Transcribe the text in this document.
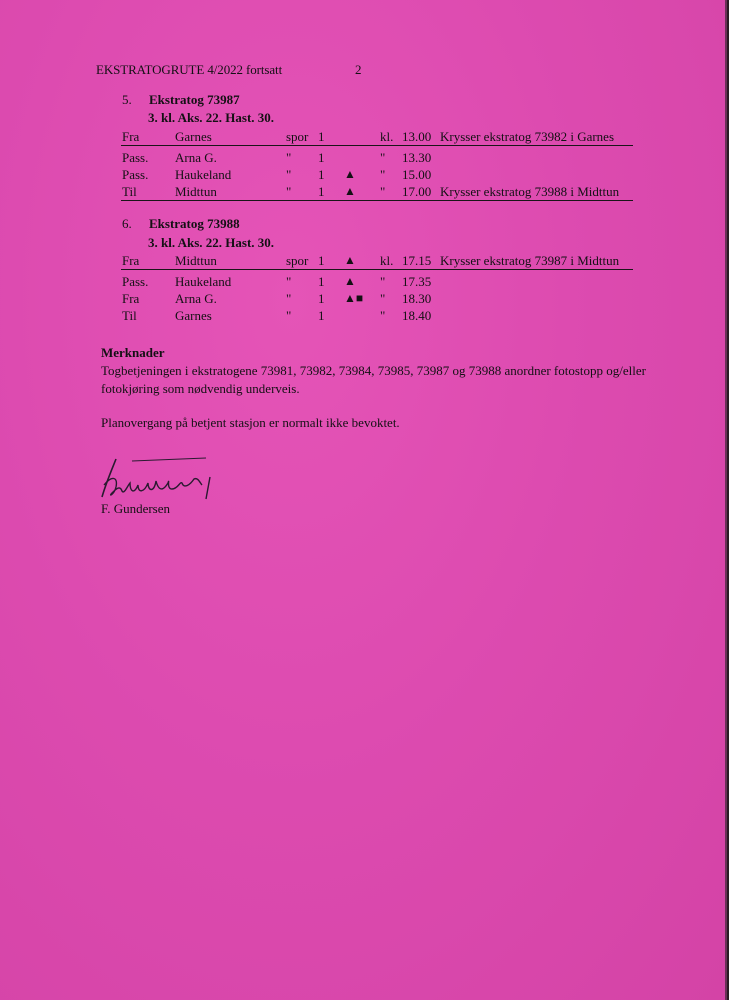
EKSTRATOGRUTE 4/2022 fortsatt	2
5. Ekstratog 73987
3. kl. Aks. 22. Hast. 30.
Fra	Garnes	spor 1	kl. 13.00 Krysser ekstratog 73982 i Garnes
Pass. Arna G.	" 1	" 13.30
Pass. Haukeland	" 1 ▲ " 15.00
Til	Midttun	" 1 ▲ " 17.00 Krysser ekstratog 73988 i Midttun
6. Ekstratog 73988
3. kl. Aks. 22. Hast. 30.
Fra	Midttun	spor 1 ▲ kl. 17.15 Krysser ekstratog 73987 i Midttun
Pass. Haukeland	" 1 ▲ " 17.35
Fra	Arna G.	" 1 ▲■ " 18.30
Til	Garnes	" 1	" 18.40
Merknader
Togbetjeningen i ekstratogene 73981, 73982, 73984, 73985, 73987 og 73988 anordner fotostopp og/eller fotokjøring som nødvendig underveis.
Planovergang på betjent stasjon er normalt ikke bevoktet.
F. Gundersen
